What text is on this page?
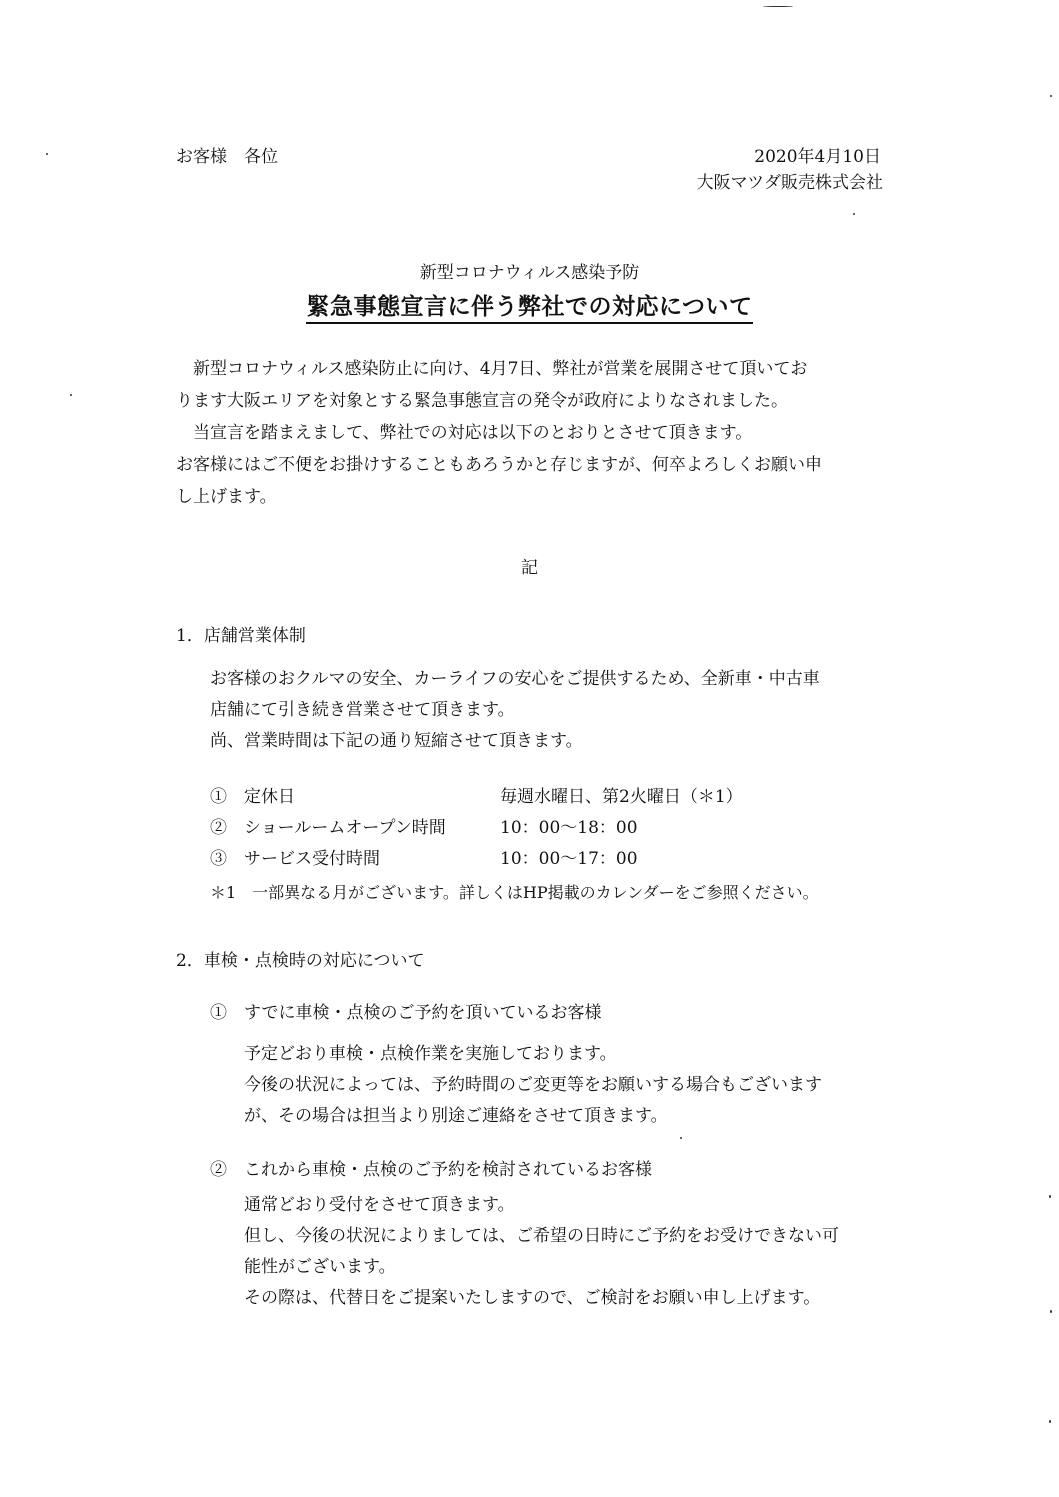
お客様　各位	2020年4月10日
大阪マツダ販売株式会社
新型コロナウィルス感染予防
緊急事態宣言に伴う弊社での対応について

新型コロナウィルス感染防止に向け、4月7日、弊社が営業を展開させて頂いてお

ります大阪エリアを対象とする緊急事態宣言の発令が政府によりなされました。

当宣言を踏まえまして、弊社での対応は以下のとおりとさせて頂きます。

お客様にはご不便をお掛けすることもあろうかと存じますが、何卒よろしくお願い申

し上げます。

記
1．店舗営業体制

お客様のおクルマの安全、カーライフの安心をご提供するため、全新車・中古車

店舗にて引き続き営業させて頂きます。

尚、営業時間は下記の通り短縮させて頂きます。

①　定休日	毎週水曜日、第2火曜日（＊1）
②　ショールームオープン時間	10：00～18：00
③　サービス受付時間	10：00～17：00
＊1　一部異なる月がございます。詳しくはHP掲載のカレンダーをご参照ください。
2．車検・点検時の対応について
①　すでに車検・点検のご予約を頂いているお客様

予定どおり車検・点検作業を実施しております。

今後の状況によっては、予約時間のご変更等をお願いする場合もございます

が、その場合は担当より別途ご連絡をさせて頂きます。

②　これから車検・点検のご予約を検討されているお客様

通常どおり受付をさせて頂きます。

但し、今後の状況によりましては、ご希望の日時にご予約をお受けできない可

能性がございます。

その際は、代替日をご提案いたしますので、ご検討をお願い申し上げます。
